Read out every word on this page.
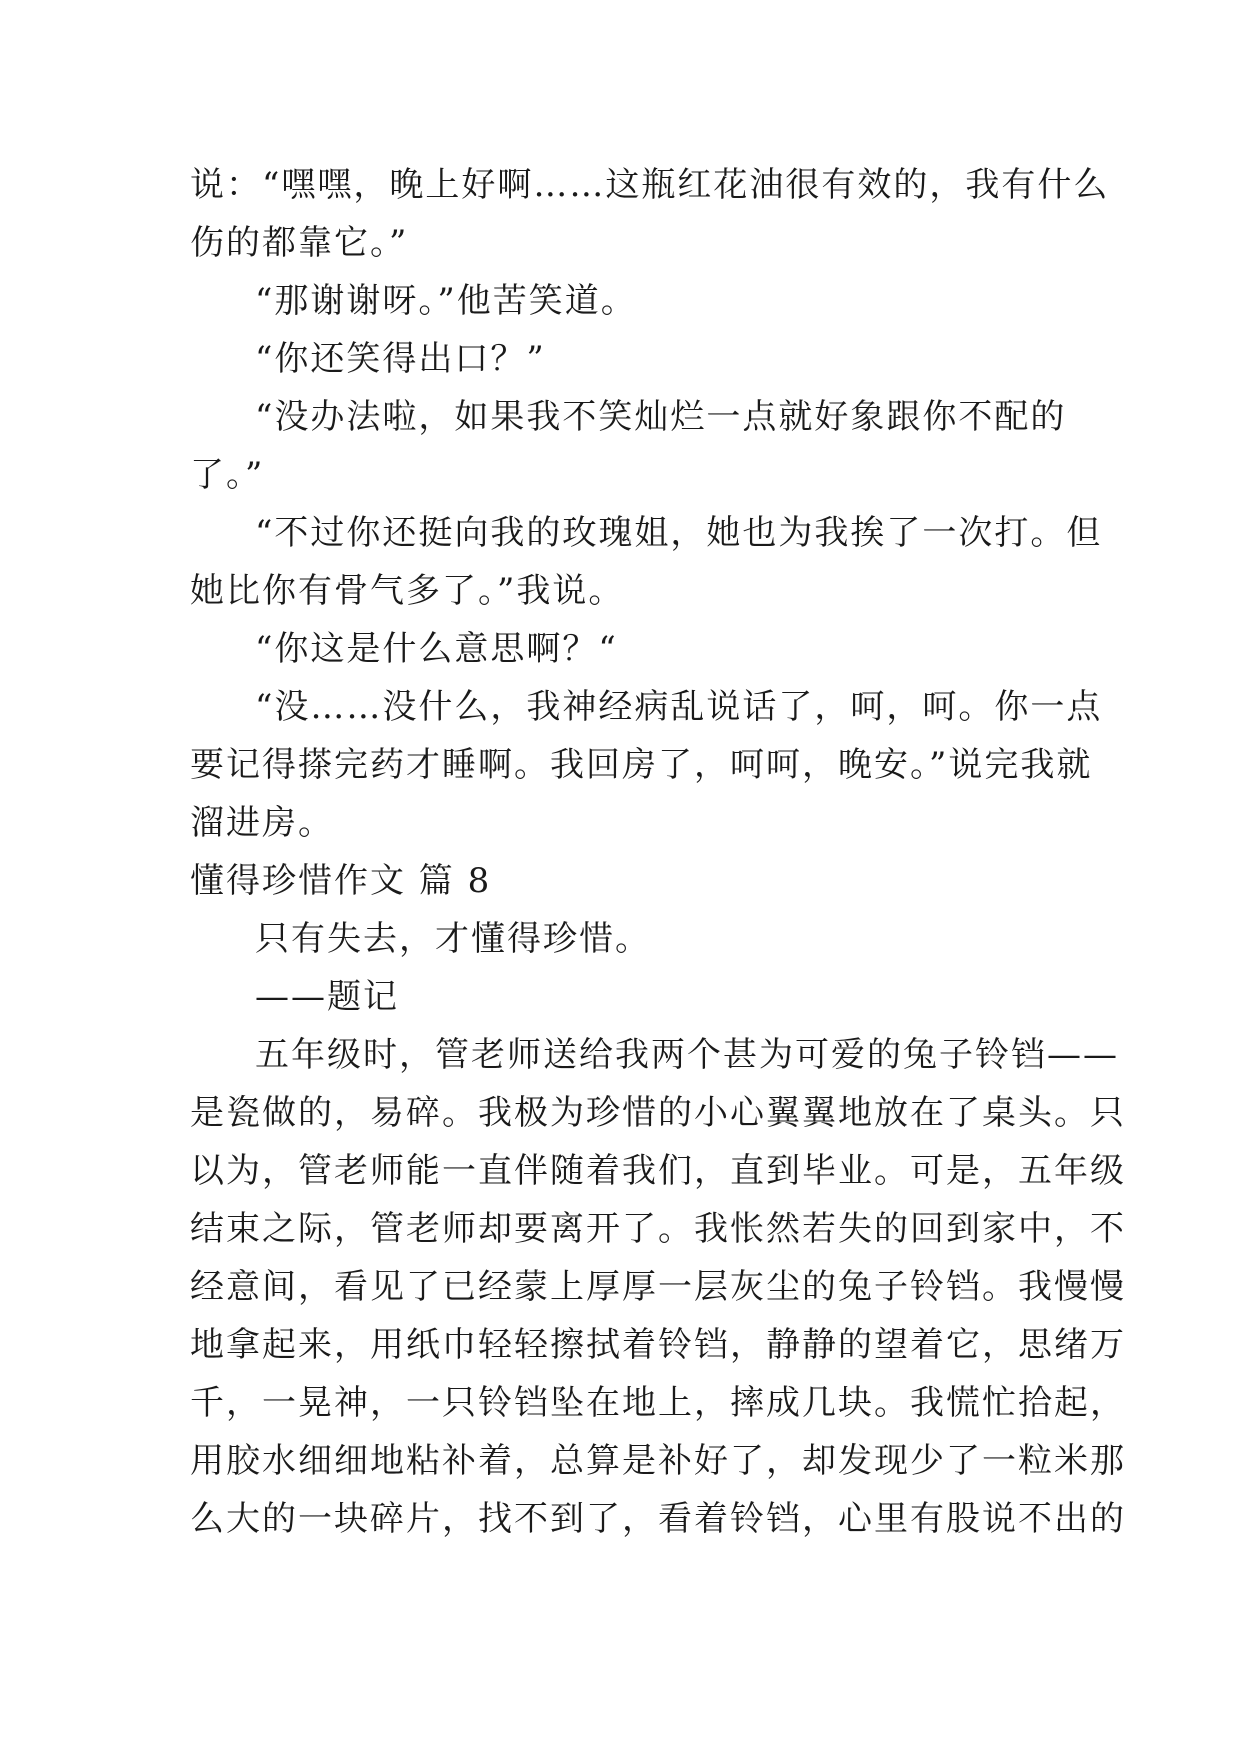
说：“嘿嘿，晚上好啊……这瓶红花油很有效的，我有什么
伤的都靠它。”
“那谢谢呀。”他苦笑道。
“你还笑得出口？”
“没办法啦，如果我不笑灿烂一点就好象跟你不配的
了。”
“不过你还挺向我的玫瑰姐，她也为我挨了一次打。但
她比你有骨气多了。”我说。
“你这是什么意思啊？“
“没……没什么，我神经病乱说话了，呵，呵。你一点
要记得搽完药才睡啊。我回房了，呵呵，晚安。”说完我就
溜进房。
懂得珍惜作文 篇 8
只有失去，才懂得珍惜。
——题记
五年级时，管老师送给我两个甚为可爱的兔子铃铛——
是瓷做的，易碎。我极为珍惜的小心翼翼地放在了桌头。只
以为，管老师能一直伴随着我们，直到毕业。可是，五年级
结束之际，管老师却要离开了。我怅然若失的回到家中，不
经意间，看见了已经蒙上厚厚一层灰尘的兔子铃铛。我慢慢
地拿起来，用纸巾轻轻擦拭着铃铛，静静的望着它，思绪万
千，一晃神，一只铃铛坠在地上，摔成几块。我慌忙拾起，
用胶水细细地粘补着，总算是补好了，却发现少了一粒米那
么大的一块碎片，找不到了，看着铃铛，心里有股说不出的
